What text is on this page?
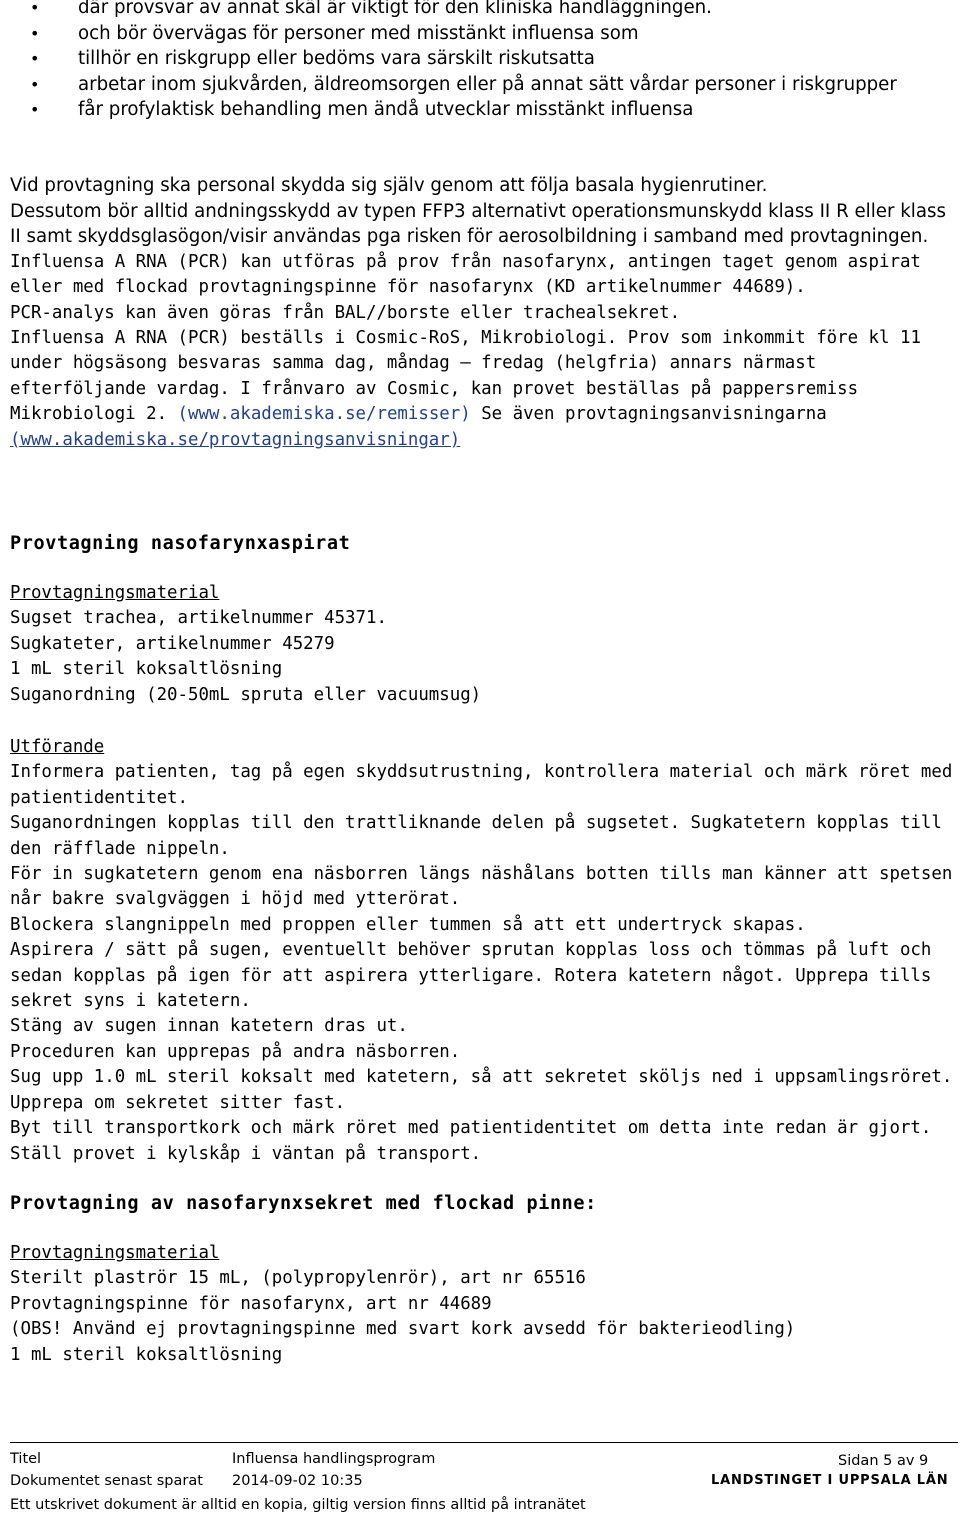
• där provsvar av annat skäl är viktigt för den kliniska handläggningen.
• och bör övervägas för personer med misstänkt influensa som
• tillhör en riskgrupp eller bedöms vara särskilt riskutsatta
• arbetar inom sjukvården, äldreomsorgen eller på annat sätt vårdar personer i riskgrupper
• får profylaktisk behandling men ändå utvecklar misstänkt influensa

Vid provtagning ska personal skydda sig själv genom att följa basala hygienrutiner.

Dessutom bör alltid andningsskydd av typen FFP3 alternativt operationsmunskydd klass II R eller klass II samt skyddsglasögon/visir användas pga risken för aerosolbildning i samband med provtagningen.

Influensa A RNA (PCR) kan utföras på prov från nasofarynx, antingen taget genom aspirat eller med flockad provtagningspinne för nasofarynx (KD artikelnummer 44689).

PCR-analys kan även göras från BAL//borste eller trachealsekret.

Influensa A RNA (PCR) beställs i Cosmic-RoS, Mikrobiologi. Prov som inkommit före kl 11 under högsäsong besvaras samma dag, måndag – fredag (helgfria) annars närmast efterföljande vardag. I frånvaro av Cosmic, kan provet beställas på pappersremiss Mikrobiologi 2. (www.akademiska.se/remisser) Se även provtagningsanvisningarna (www.akademiska.se/provtagningsanvisningar)

Provtagning nasofarynxaspirat

Provtagningsmaterial

Sugset trachea, artikelnummer 45371.

Sugkateter, artikelnummer 45279

1 mL steril koksaltlösning

Suganordning (20-50mL spruta eller vacuumsug)

Utförande

Informera patienten, tag på egen skyddsutrustning, kontrollera material och märk röret med patientidentitet.

Suganordningen kopplas till den trattliknande delen på sugsetet. Sugkatetern kopplas till den räfflade nippeln.

För in sugkatetern genom ena näsborren längs näshålans botten tills man känner att spetsen når bakre svalgväggen i höjd med ytterörat.

Blockera slangnippeln med proppen eller tummen så att ett undertryck skapas.

Aspirera / sätt på sugen, eventuellt behöver sprutan kopplas loss och tömmas på luft och sedan kopplas på igen för att aspirera ytterligare. Rotera katetern något. Upprepa tills sekret syns i katetern.

Stäng av sugen innan katetern dras ut.

Proceduren kan upprepas på andra näsborren.

Sug upp 1.0 mL steril koksalt med katetern, så att sekretet sköljs ned i uppsamlingsröret. Upprepa om sekretet sitter fast.

Byt till transportkork och märk röret med patientidentitet om detta inte redan är gjort.

Ställ provet i kylskåp i väntan på transport.

Provtagning av nasofarynxsekret med flockad pinne:

Provtagningsmaterial

Sterilt plaströr 15 mL, (polypropylenrör), art nr 65516

Provtagningspinne för nasofarynx, art nr 44689

(OBS! Använd ej provtagningspinne med svart kork avsedd för bakterieodling)

1 mL steril koksaltlösning

Titel	Influensa handlingsprogram	Sidan 5 av 9
Dokumentet senast sparat 2014-09-02 10:35	LANDSTINGET I UPPSALA LÄN
Ett utskrivet dokument är alltid en kopia, giltig version finns alltid på intranätet
